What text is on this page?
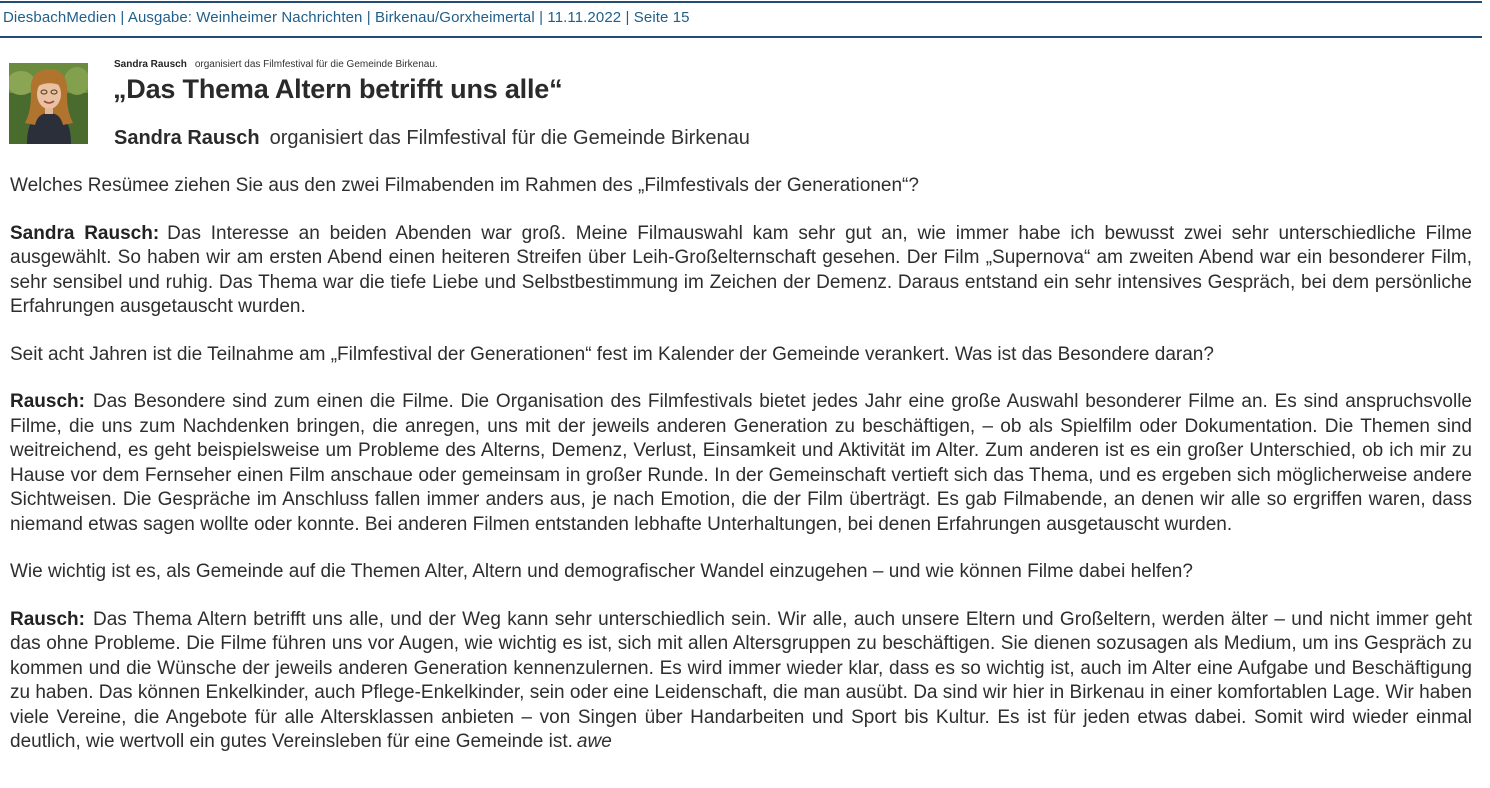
DiesbachMedien | Ausgabe: Weinheimer Nachrichten | Birkenau/Gorxheimertal | 11.11.2022 | Seite 15
Sandra Rausch organisiert das Filmfestival für die Gemeinde Birkenau.
„Das Thema Altern betrifft uns alle“
Sandra Rausch organisiert das Filmfestival für die Gemeinde Birkenau

Welches Resümee ziehen Sie aus den zwei Filmabenden im Rahmen des „Filmfestivals der Generationen“?

Sandra Rausch: Das Interesse an beiden Abenden war groß. Meine Filmauswahl kam sehr gut an, wie immer habe ich bewusst zwei sehr unterschiedliche Filme ausgewählt. So haben wir am ersten Abend einen heiteren Streifen über Leih-Großelternschaft gesehen. Der Film „Supernova“ am zweiten Abend war ein besonderer Film, sehr sensibel und ruhig. Das Thema war die tiefe Liebe und Selbstbestimmung im Zeichen der Demenz. Daraus entstand ein sehr intensives Gespräch, bei dem persönliche Erfahrungen ausgetauscht wurden.

Seit acht Jahren ist die Teilnahme am „Filmfestival der Generationen“ fest im Kalender der Gemeinde verankert. Was ist das Besondere daran?

Rausch: Das Besondere sind zum einen die Filme. Die Organisation des Filmfestivals bietet jedes Jahr eine große Auswahl besonderer Filme an. Es sind anspruchsvolle Filme, die uns zum Nachdenken bringen, die anregen, uns mit der jeweils anderen Generation zu beschäftigen, – ob als Spielfilm oder Dokumentation. Die Themen sind weitreichend, es geht beispielsweise um Probleme des Alterns, Demenz, Verlust, Einsamkeit und Aktivität im Alter. Zum anderen ist es ein großer Unterschied, ob ich mir zu Hause vor dem Fernseher einen Film anschaue oder gemeinsam in großer Runde. In der Gemeinschaft vertieft sich das Thema, und es ergeben sich möglicherweise andere Sichtweisen. Die Gespräche im Anschluss fallen immer anders aus, je nach Emotion, die der Film überträgt. Es gab Filmabende, an denen wir alle so ergriffen waren, dass niemand etwas sagen wollte oder konnte. Bei anderen Filmen entstanden lebhafte Unterhaltungen, bei denen Erfahrungen ausgetauscht wurden.

Wie wichtig ist es, als Gemeinde auf die Themen Alter, Altern und demografischer Wandel einzugehen – und wie können Filme dabei helfen?

Rausch: Das Thema Altern betrifft uns alle, und der Weg kann sehr unterschiedlich sein. Wir alle, auch unsere Eltern und Großeltern, werden älter – und nicht immer geht das ohne Probleme. Die Filme führen uns vor Augen, wie wichtig es ist, sich mit allen Altersgruppen zu beschäftigen. Sie dienen sozusagen als Medium, um ins Gespräch zu kommen und die Wünsche der jeweils anderen Generation kennenzulernen. Es wird immer wieder klar, dass es so wichtig ist, auch im Alter eine Aufgabe und Beschäftigung zu haben. Das können Enkelkinder, auch Pflege-Enkelkinder, sein oder eine Leidenschaft, die man ausübt. Da sind wir hier in Birkenau in einer komfortablen Lage. Wir haben viele Vereine, die Angebote für alle Altersklassen anbieten – von Singen über Handarbeiten und Sport bis Kultur. Es ist für jeden etwas dabei. Somit wird wieder einmal deutlich, wie wertvoll ein gutes Vereinsleben für eine Gemeinde ist. awe
